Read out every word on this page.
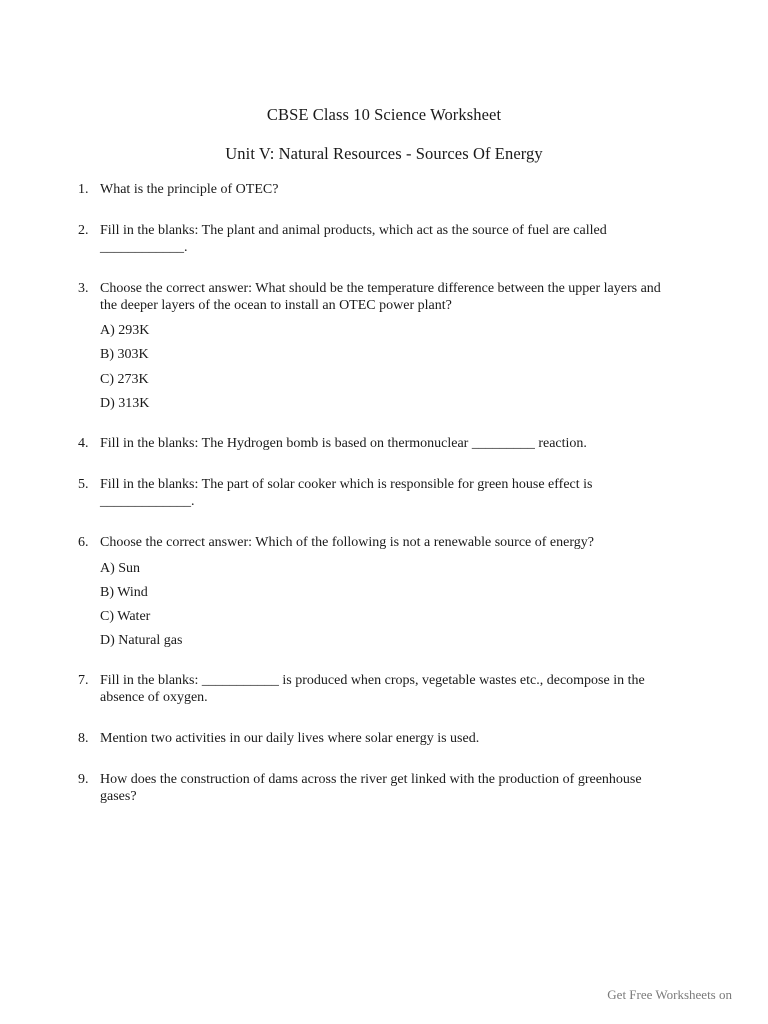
CBSE Class 10 Science Worksheet
Unit V: Natural Resources - Sources Of Energy
1. What is the principle of OTEC?
2. Fill in the blanks: The plant and animal products, which act as the source of fuel are called
____________.
3. Choose the correct answer: What should be the temperature difference between the upper layers and
the deeper layers of the ocean to install an OTEC power plant?
A) 293K
B) 303K
C) 273K
D) 313K
4. Fill in the blanks: The Hydrogen bomb is based on thermonuclear _________ reaction.
5. Fill in the blanks: The part of solar cooker which is responsible for green house effect is
_____________.
6. Choose the correct answer: Which of the following is not a renewable source of energy?
A) Sun
B) Wind
C) Water
D) Natural gas
7. Fill in the blanks: ___________ is produced when crops, vegetable wastes etc., decompose in the
absence of oxygen.
8. Mention two activities in our daily lives where solar energy is used.
9. How does the construction of dams across the river get linked with the production of greenhouse
gases?
Get Free Worksheets on
